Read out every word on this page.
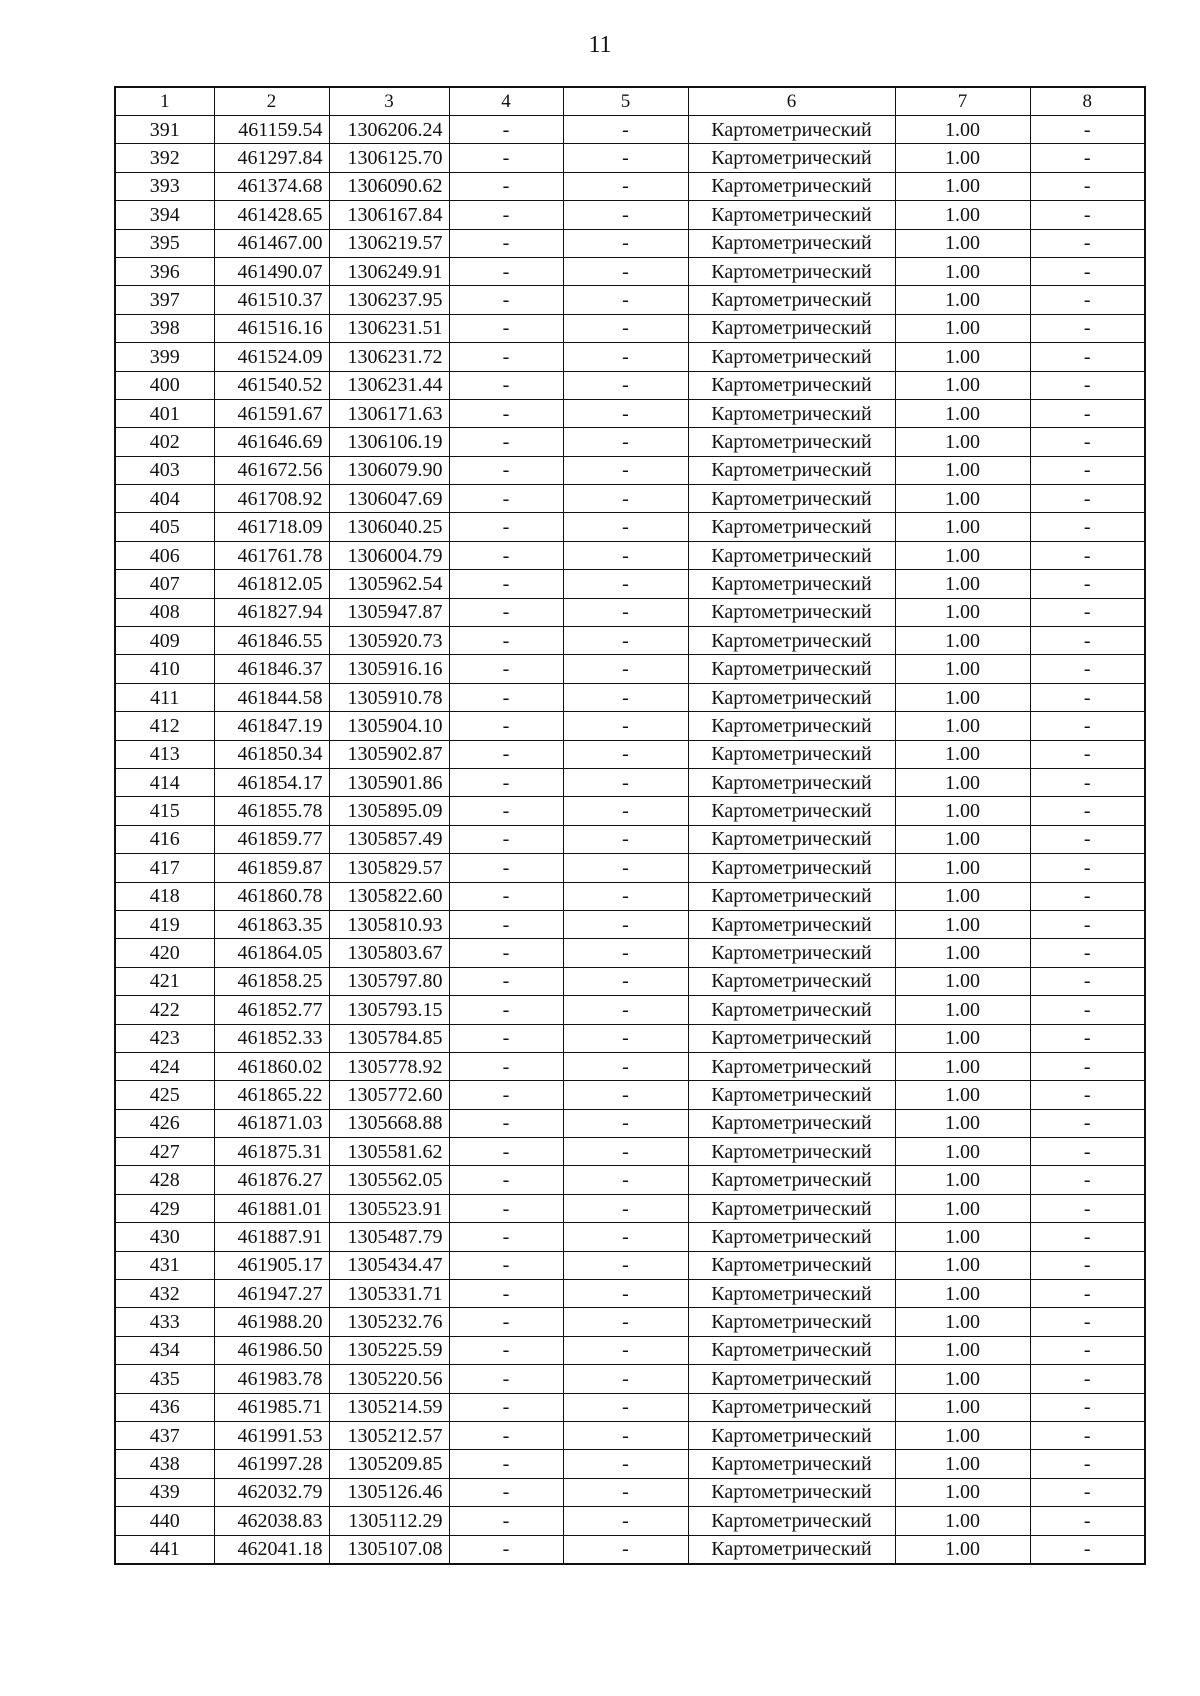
11
1	2	3	4	5	6	7	8
391	461159.54	1306206.24	-	-	Картометрический	1.00	-
392	461297.84	1306125.70	-	-	Картометрический	1.00	-
393	461374.68	1306090.62	-	-	Картометрический	1.00	-
394	461428.65	1306167.84	-	-	Картометрический	1.00	-
395	461467.00	1306219.57	-	-	Картометрический	1.00	-
396	461490.07	1306249.91	-	-	Картометрический	1.00	-
397	461510.37	1306237.95	-	-	Картометрический	1.00	-
398	461516.16	1306231.51	-	-	Картометрический	1.00	-
399	461524.09	1306231.72	-	-	Картометрический	1.00	-
400	461540.52	1306231.44	-	-	Картометрический	1.00	-
401	461591.67	1306171.63	-	-	Картометрический	1.00	-
402	461646.69	1306106.19	-	-	Картометрический	1.00	-
403	461672.56	1306079.90	-	-	Картометрический	1.00	-
404	461708.92	1306047.69	-	-	Картометрический	1.00	-
405	461718.09	1306040.25	-	-	Картометрический	1.00	-
406	461761.78	1306004.79	-	-	Картометрический	1.00	-
407	461812.05	1305962.54	-	-	Картометрический	1.00	-
408	461827.94	1305947.87	-	-	Картометрический	1.00	-
409	461846.55	1305920.73	-	-	Картометрический	1.00	-
410	461846.37	1305916.16	-	-	Картометрический	1.00	-
411	461844.58	1305910.78	-	-	Картометрический	1.00	-
412	461847.19	1305904.10	-	-	Картометрический	1.00	-
413	461850.34	1305902.87	-	-	Картометрический	1.00	-
414	461854.17	1305901.86	-	-	Картометрический	1.00	-
415	461855.78	1305895.09	-	-	Картометрический	1.00	-
416	461859.77	1305857.49	-	-	Картометрический	1.00	-
417	461859.87	1305829.57	-	-	Картометрический	1.00	-
418	461860.78	1305822.60	-	-	Картометрический	1.00	-
419	461863.35	1305810.93	-	-	Картометрический	1.00	-
420	461864.05	1305803.67	-	-	Картометрический	1.00	-
421	461858.25	1305797.80	-	-	Картометрический	1.00	-
422	461852.77	1305793.15	-	-	Картометрический	1.00	-
423	461852.33	1305784.85	-	-	Картометрический	1.00	-
424	461860.02	1305778.92	-	-	Картометрический	1.00	-
425	461865.22	1305772.60	-	-	Картометрический	1.00	-
426	461871.03	1305668.88	-	-	Картометрический	1.00	-
427	461875.31	1305581.62	-	-	Картометрический	1.00	-
428	461876.27	1305562.05	-	-	Картометрический	1.00	-
429	461881.01	1305523.91	-	-	Картометрический	1.00	-
430	461887.91	1305487.79	-	-	Картометрический	1.00	-
431	461905.17	1305434.47	-	-	Картометрический	1.00	-
432	461947.27	1305331.71	-	-	Картометрический	1.00	-
433	461988.20	1305232.76	-	-	Картометрический	1.00	-
434	461986.50	1305225.59	-	-	Картометрический	1.00	-
435	461983.78	1305220.56	-	-	Картометрический	1.00	-
436	461985.71	1305214.59	-	-	Картометрический	1.00	-
437	461991.53	1305212.57	-	-	Картометрический	1.00	-
438	461997.28	1305209.85	-	-	Картометрический	1.00	-
439	462032.79	1305126.46	-	-	Картометрический	1.00	-
440	462038.83	1305112.29	-	-	Картометрический	1.00	-
441	462041.18	1305107.08	-	-	Картометрический	1.00	-
